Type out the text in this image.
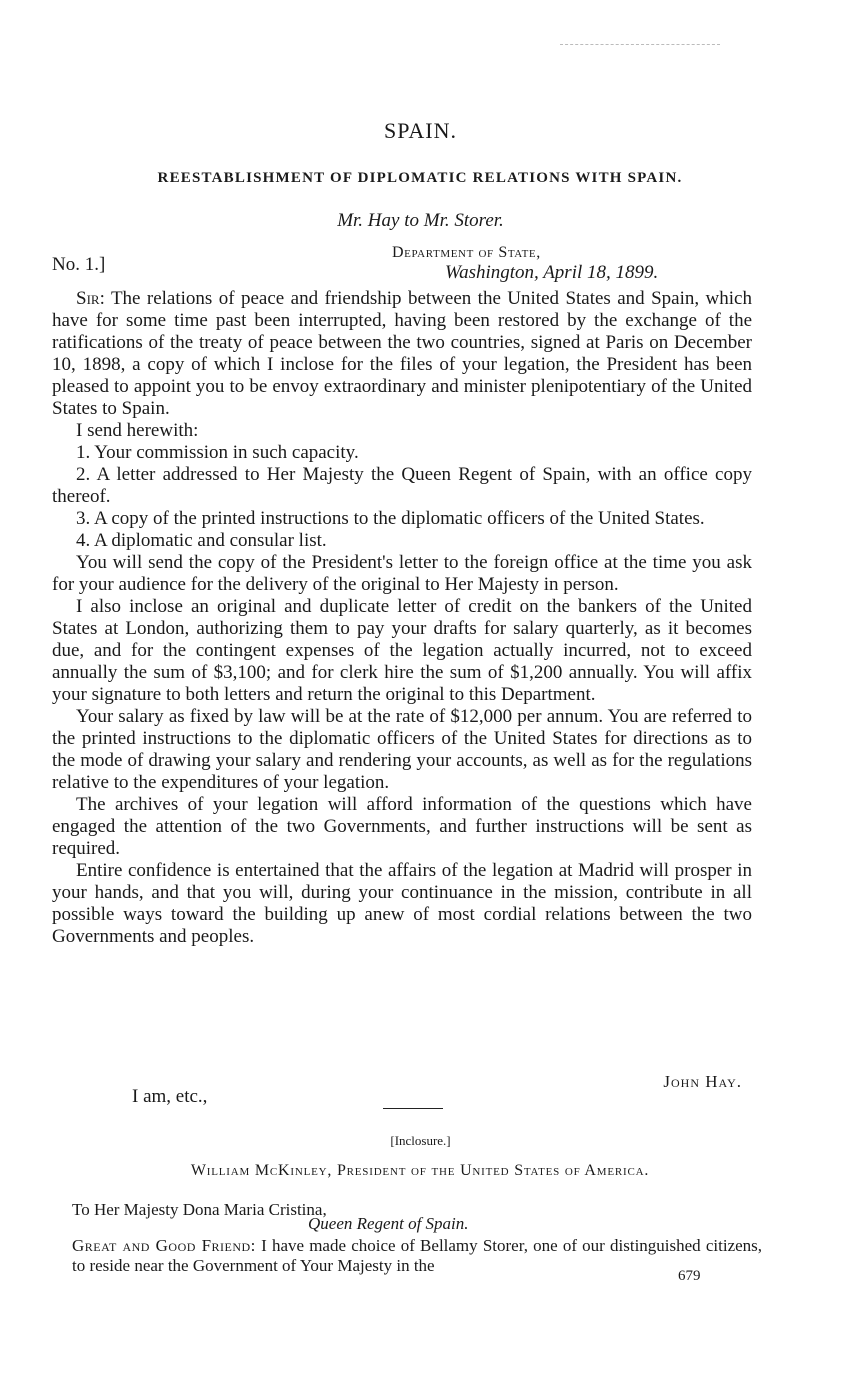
SPAIN.
REESTABLISHMENT OF DIPLOMATIC RELATIONS WITH SPAIN.
Mr. Hay to Mr. Storer.
No. 1.]
Department of State,
Washington, April 18, 1899.

Sir: The relations of peace and friendship between the United States and Spain, which have for some time past been interrupted, having been restored by the exchange of the ratifications of the treaty of peace between the two countries, signed at Paris on December 10, 1898, a copy of which I inclose for the files of your legation, the President has been pleased to appoint you to be envoy extraordinary and minister plenipotentiary of the United States to Spain.

I send herewith:

1. Your commission in such capacity.

2. A letter addressed to Her Majesty the Queen Regent of Spain, with an office copy thereof.

3. A copy of the printed instructions to the diplomatic officers of the United States.

4. A diplomatic and consular list.

You will send the copy of the President's letter to the foreign office at the time you ask for your audience for the delivery of the original to Her Majesty in person.

I also inclose an original and duplicate letter of credit on the bankers of the United States at London, authorizing them to pay your drafts for salary quarterly, as it becomes due, and for the contingent expenses of the legation actually incurred, not to exceed annually the sum of $3,100; and for clerk hire the sum of $1,200 annually. You will affix your signature to both letters and return the original to this Department.

Your salary as fixed by law will be at the rate of $12,000 per annum. You are referred to the printed instructions to the diplomatic officers of the United States for directions as to the mode of drawing your salary and rendering your accounts, as well as for the regulations relative to the expenditures of your legation.

The archives of your legation will afford information of the questions which have engaged the attention of the two Governments, and further instructions will be sent as required.

Entire confidence is entertained that the affairs of the legation at Madrid will prosper in your hands, and that you will, during your continuance in the mission, contribute in all possible ways toward the building up anew of most cordial relations between the two Governments and peoples.

I am, etc.,
John Hay.
[Inclosure.]
William McKinley, President of the United States of America.
To Her Majesty Dona Maria Cristina,
Queen Regent of Spain.
Great and Good Friend: I have made choice of Bellamy Storer, one of our distinguished citizens, to reside near the Government of Your Majesty in the
679
